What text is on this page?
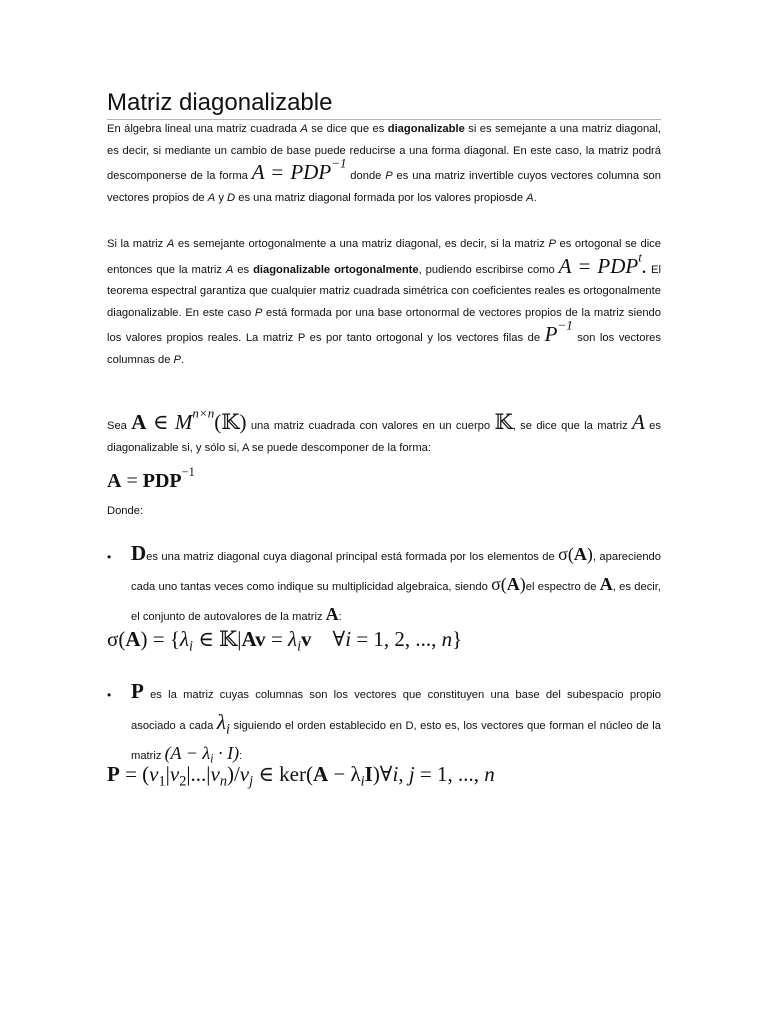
Matriz diagonalizable

En álgebra lineal una matriz cuadrada A se dice que es diagonalizable si es semejante a una matriz diagonal, es decir, si mediante un cambio de base puede reducirse a una forma diagonal. En este caso, la matriz podrá descomponerse de la forma $A = PDP^{-1}$ donde P es una matriz invertible cuyos vectores columna son vectores propios de A y D es una matriz diagonal formada por los valores propiosde A.

Si la matriz A es semejante ortogonalmente a una matriz diagonal, es decir, si la matriz P es ortogonal se dice entonces que la matriz A es diagonalizable ortogonalmente, pudiendo escribirse como $A = PDP^t$. El teorema espectral garantiza que cualquier matriz cuadrada simétrica con coeficientes reales es ortogonalmente diagonalizable. En este caso P está formada por una base ortonormal de vectores propios de la matriz siendo los valores propios reales. La matriz P es por tanto ortogonal y los vectores filas de $P^{-1}$ son los vectores columnas de P.

Sea A ∈ $M^{n\times n}(𝕂)$ una matriz cuadrada con valores en un cuerpo 𝕂, se dice que la matriz A es diagonalizable si, y sólo si, A se puede descomponer de la forma:

$A = PDP^{-1}$

Donde:

• Des una matriz diagonal cuya diagonal principal está formada por los elementos de σ(A), apareciendo cada uno tantas veces como indique su multiplicidad algebraica, siendo σ(A)el espectro de A, es decir, el conjunto de autovalores de la matriz A:

$\sigma(A) = \{\lambda_i$ ∈ 𝕂|Av = $\lambda_iv$    ∀i = 1, 2, ..., n}
• P es la matriz cuyas columnas son los vectores que constituyen una base del subespacio propio asociado a cada $\lambda_i$ siguiendo el orden establecido en D, esto es, los vectores que forman el núcleo de la matriz $(A - \lambda_i \cdot I)$:

$P = (v_1|v_2|...|v_n)/v_j$ ∈ $ker(A - \lambda_iI)\forall i$, j = 1, ..., n
